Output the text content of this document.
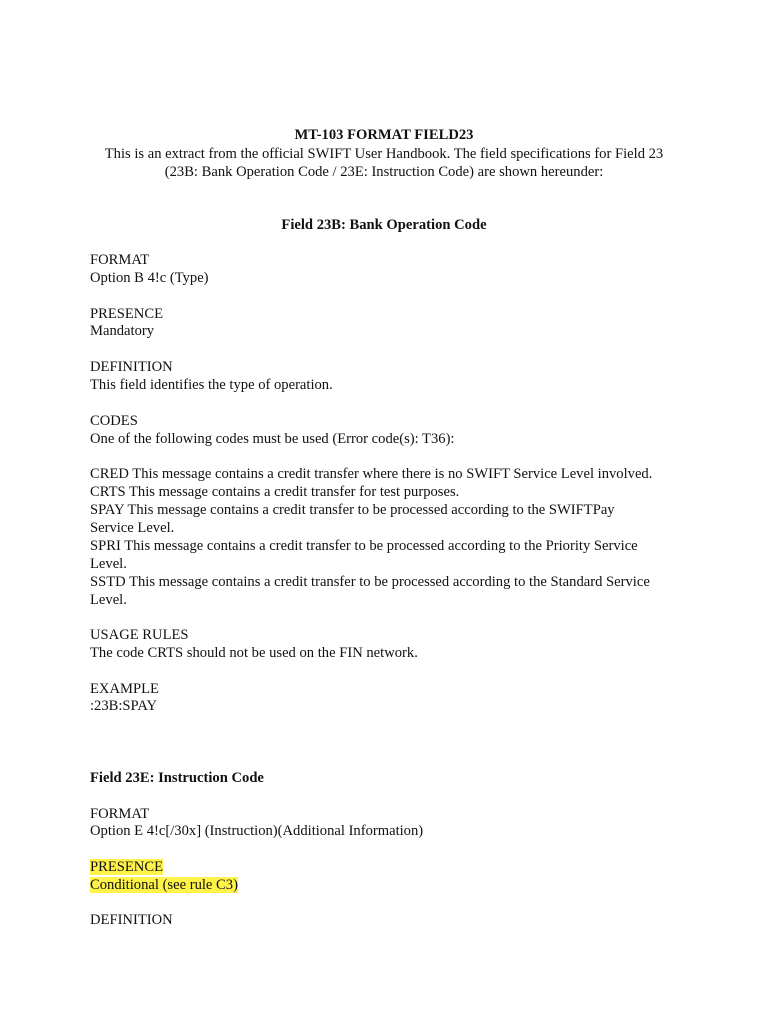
MT-103 FORMAT FIELD23
This is an extract from the official SWIFT User Handbook. The field specifications for Field 23
(23B: Bank Operation Code / 23E: Instruction Code) are shown hereunder:
Field 23B: Bank Operation Code
FORMAT
Option B 4!c (Type)
PRESENCE
Mandatory
DEFINITION
This field identifies the type of operation.
CODES
One of the following codes must be used (Error code(s): T36):
CRED This message contains a credit transfer where there is no SWIFT Service Level involved.
CRTS This message contains a credit transfer for test purposes.
SPAY This message contains a credit transfer to be processed according to the SWIFTPay
Service Level.
SPRI This message contains a credit transfer to be processed according to the Priority Service
Level.
SSTD This message contains a credit transfer to be processed according to the Standard Service
Level.
USAGE RULES
The code CRTS should not be used on the FIN network.
EXAMPLE
:23B:SPAY
Field 23E: Instruction Code
FORMAT
Option E 4!c[/30x] (Instruction)(Additional Information)
PRESENCE
Conditional (see rule C3)
DEFINITION
